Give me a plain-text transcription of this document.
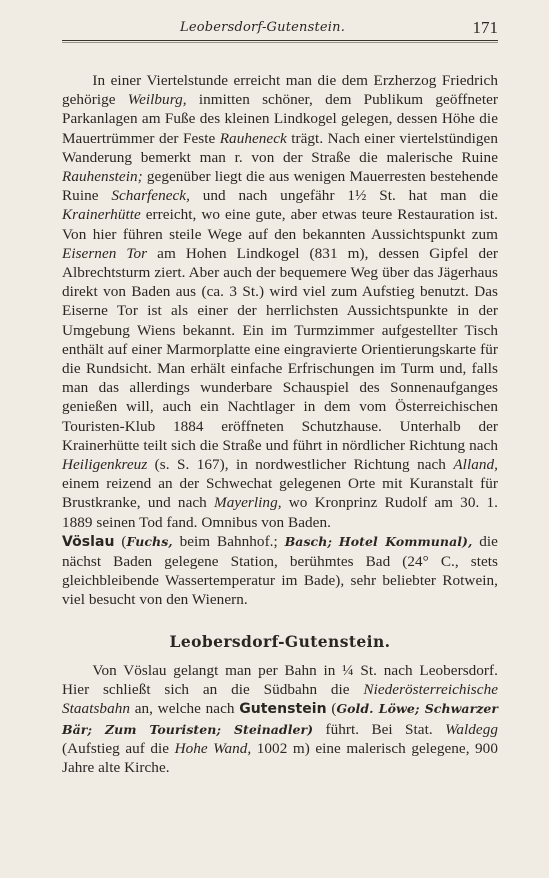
Leobersdorf-Gutenstein.	171

In einer Viertelstunde erreicht man die dem Erzherzog Friedrich gehörige Weilburg, inmitten schöner, dem Publikum geöffneter Parkanlagen am Fuße des kleinen Lindkogel gelegen, dessen Höhe die Mauertrümmer der Feste Rauheneck trägt. Nach einer viertelstündigen Wanderung bemerkt man r. von der Straße die malerische Ruine Rauhenstein; gegenüber liegt die aus wenigen Mauerresten bestehende Ruine Scharfeneck, und nach ungefähr 1½ St. hat man die Krainerhütte erreicht, wo eine gute, aber etwas teure Restauration ist. Von hier führen steile Wege auf den bekannten Aussichtspunkt zum Eisernen Tor am Hohen Lindkogel (831 m), dessen Gipfel der Albrechtsturm ziert. Aber auch der bequemere Weg über das Jägerhaus direkt von Baden aus (ca. 3 St.) wird viel zum Aufstieg benutzt. Das Eiserne Tor ist als einer der herrlichsten Aussichtspunkte in der Umgebung Wiens bekannt. Ein im Turmzimmer aufgestellter Tisch enthält auf einer Marmorplatte eine eingravierte Orientierungskarte für die Rundsicht. Man erhält einfache Erfrischungen im Turm und, falls man das allerdings wunderbare Schauspiel des Sonnenaufganges genießen will, auch ein Nachtlager in dem vom Österreichischen Touristen-Klub 1884 eröffneten Schutzhause. Unterhalb der Krainerhütte teilt sich die Straße und führt in nördlicher Richtung nach Heiligenkreuz (s. S. 167), in nordwestlicher Richtung nach Alland, einem reizend an der Schwechat gelegenen Orte mit Kuranstalt für Brustkranke, und nach Mayerling, wo Kronprinz Rudolf am 30. 1. 1889 seinen Tod fand. Omnibus von Baden.

Vöslau (Fuchs, beim Bahnhof.; Basch; Hotel Kommunal), die nächst Baden gelegene Station, berühmtes Bad (24° C., stets gleichbleibende Wassertemperatur im Bade), sehr beliebter Rotwein, viel besucht von den Wienern.

Leobersdorf-Gutenstein.

Von Vöslau gelangt man per Bahn in ¼ St. nach Leobersdorf. Hier schließt sich an die Südbahn die Niederösterreichische Staatsbahn an, welche nach Gutenstein (Gold. Löwe; Schwarzer Bär; Zum Touristen; Steinadler) führt. Bei Stat. Waldegg (Aufstieg auf die Hohe Wand, 1002 m) eine malerisch gelegene, 900 Jahre alte Kirche.
